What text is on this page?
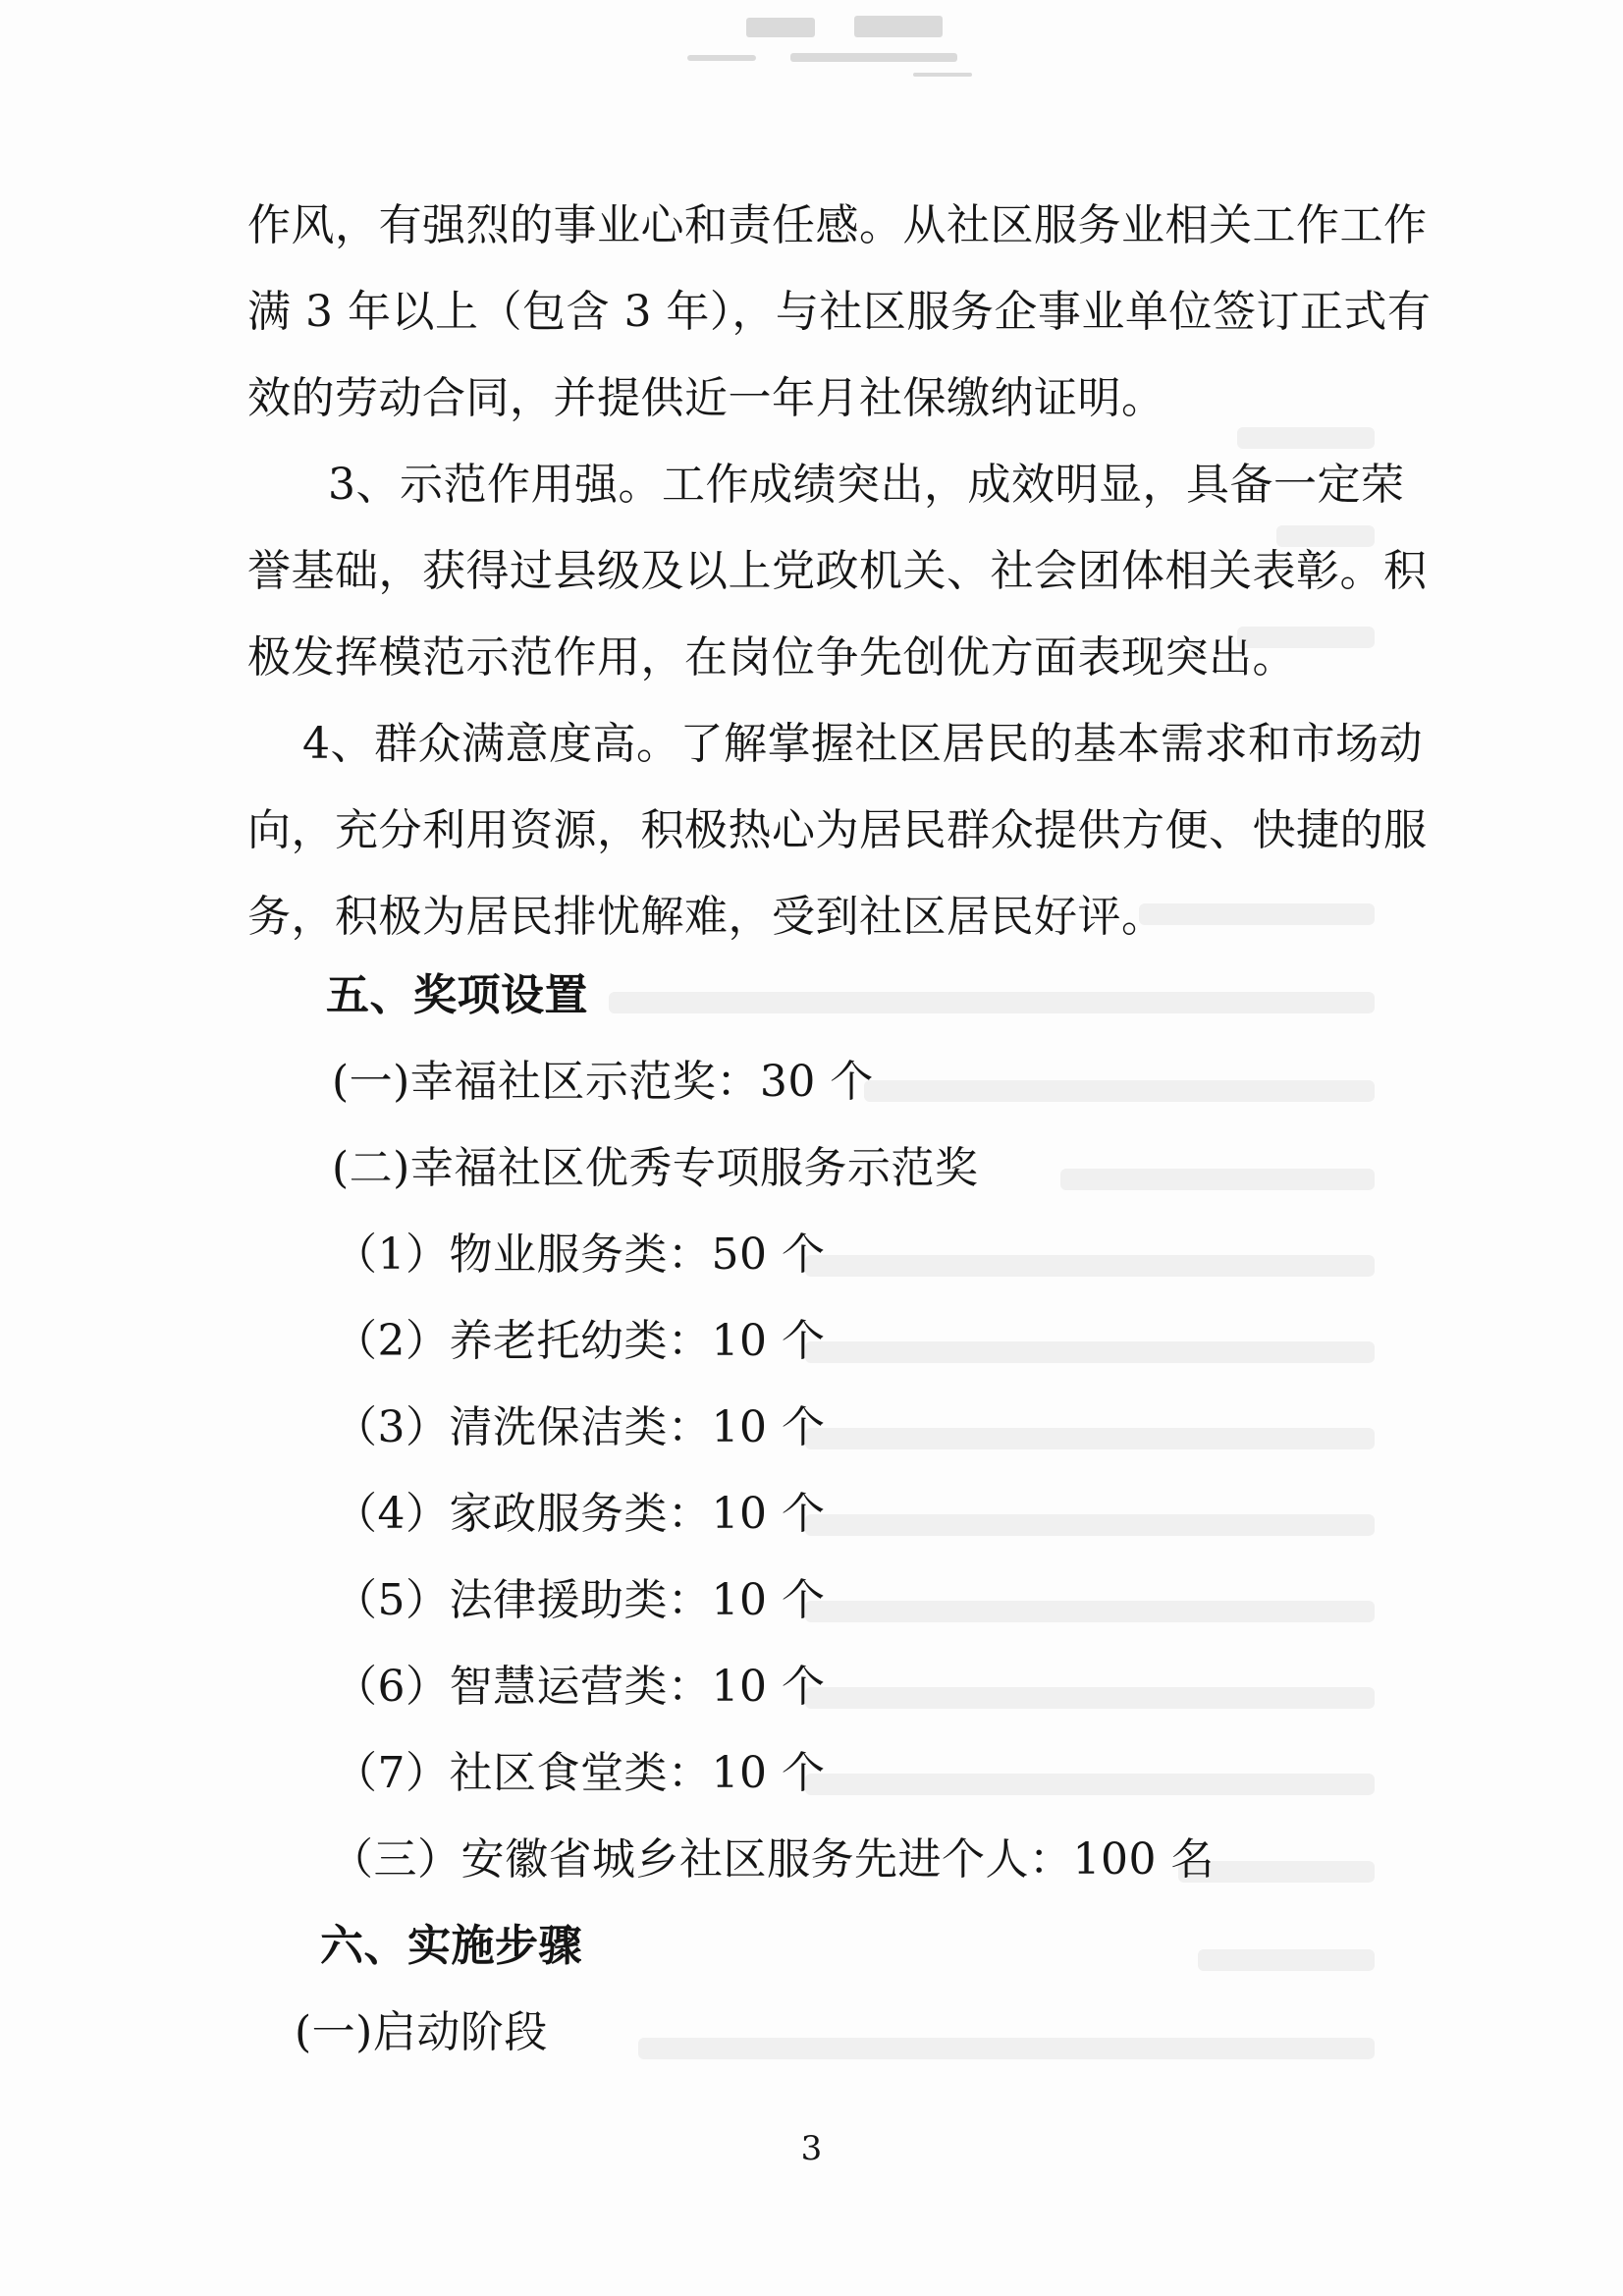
作风，有强烈的事业心和责任感。从社区服务业相关工作工作
满 3 年以上（包含 3 年），与社区服务企事业单位签订正式有
效的劳动合同，并提供近一年月社保缴纳证明。
3、示范作用强。工作成绩突出，成效明显，具备一定荣
誉基础，获得过县级及以上党政机关、社会团体相关表彰。积
极发挥模范示范作用，在岗位争先创优方面表现突出。
4、群众满意度高。了解掌握社区居民的基本需求和市场动
向，充分利用资源，积极热心为居民群众提供方便、快捷的服
务，积极为居民排忧解难，受到社区居民好评。
五、奖项设置
(一)幸福社区示范奖：30 个
(二)幸福社区优秀专项服务示范奖
（1）物业服务类：50 个
（2）养老托幼类：10 个
（3）清洗保洁类：10 个
（4）家政服务类：10 个
（5）法律援助类：10 个
（6）智慧运营类：10 个
（7）社区食堂类：10 个
（三）安徽省城乡社区服务先进个人：100 名
六、实施步骤
(一)启动阶段
3
